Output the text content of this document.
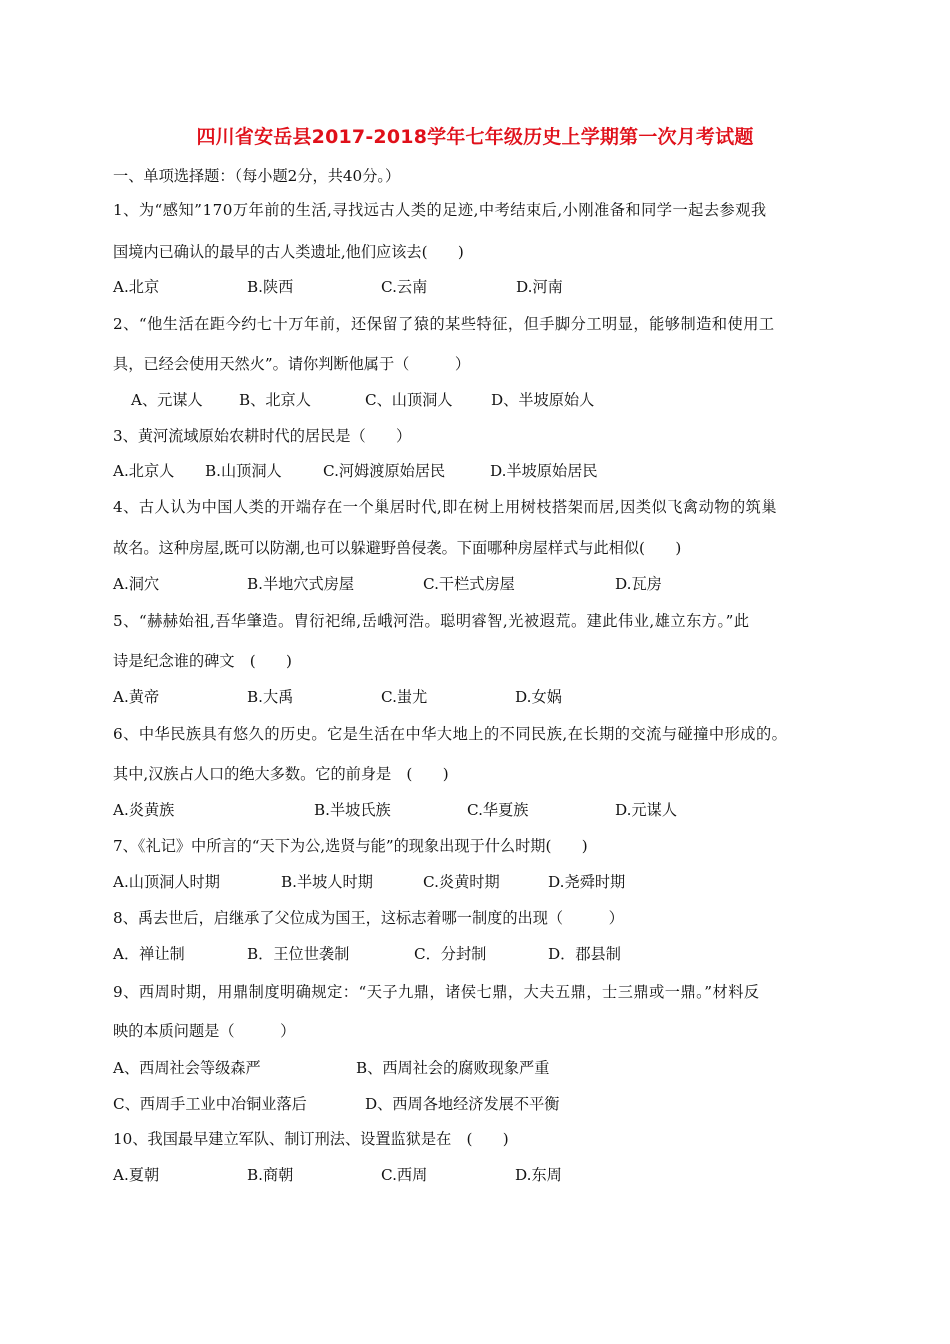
四川省安岳县2017-2018学年七年级历史上学期第一次月考试题
一、单项选择题：（每小题2分，共40分。）
1、为“感知”170万年前的生活,寻找远古人类的足迹,中考结束后,小刚准备和同学一起去参观我
国境内已确认的最早的古人类遗址,他们应该去(　　)
A.北京	B.陕西	C.云南	D.河南
2、“他生活在距今约七十万年前，还保留了猿的某些特征，但手脚分工明显，能够制造和使用工
具，已经会使用天然火”。请你判断他属于（　　　）
A、元谋人 B、北京人	C、山顶洞人	D、半坡原始人
3、黄河流域原始农耕时代的居民是（　　）
A.北京人 B.山顶洞人	C.河姆渡原始居民	D.半坡原始居民
4、古人认为中国人类的开端存在一个巢居时代,即在树上用树枝搭架而居,因类似飞禽动物的筑巢
故名。这种房屋,既可以防潮,也可以躲避野兽侵袭。下面哪种房屋样式与此相似(　　)
A.洞穴	B.半地穴式房屋	C.干栏式房屋	D.瓦房
5、“赫赫始祖,吾华肇造。胄衍祀绵,岳峨河浩。聪明睿智,光被遐荒。建此伟业,雄立东方。”此
诗是纪念谁的碑文　(　　)
A.黄帝	B.大禹	C.蚩尤	D.女娲
6、中华民族具有悠久的历史。它是生活在中华大地上的不同民族,在长期的交流与碰撞中形成的。
其中,汉族占人口的绝大多数。它的前身是　(　　)
A.炎黄族	B.半坡氏族	C.华夏族	D.元谋人
7、《礼记》中所言的“天下为公,选贤与能”的现象出现于什么时期(　　)
A.山顶洞人时期	B.半坡人时期	C.炎黄时期	D.尧舜时期
8、禹去世后，启继承了父位成为国王，这标志着哪一制度的出现（　　　）
A．禅让制	B．王位世袭制	C．分封制	D．郡县制
9、西周时期，用鼎制度明确规定：“天子九鼎，诸侯七鼎，大夫五鼎，士三鼎或一鼎。”材料反
映的本质问题是（　　　）
A、西周社会等级森严	B、西周社会的腐败现象严重
C、西周手工业中冶铜业落后	D、西周各地经济发展不平衡
10、我国最早建立军队、制订刑法、设置监狱是在　(　　)
A.夏朝	B.商朝	C.西周	D.东周
